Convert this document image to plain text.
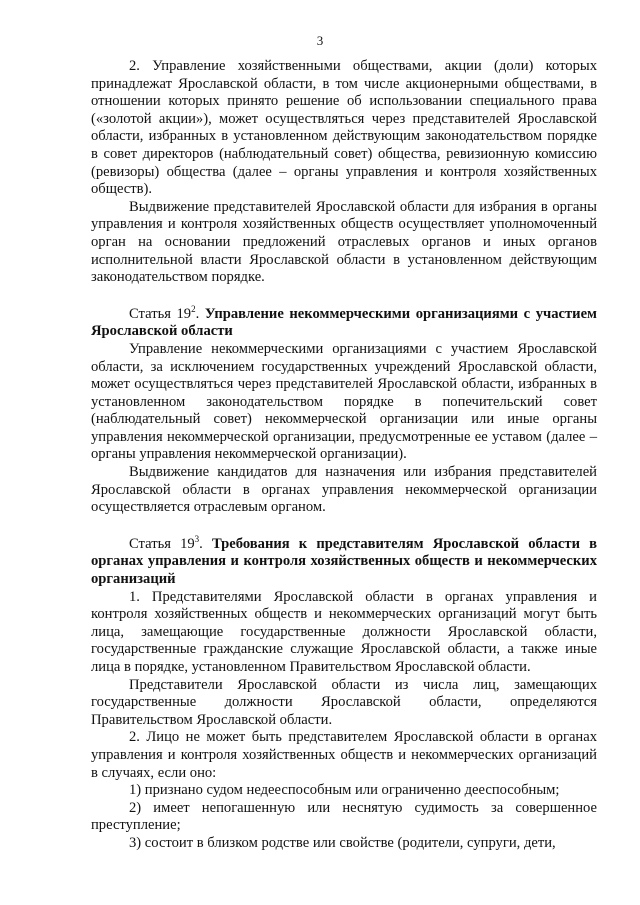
3

2. Управление хозяйственными обществами, акции (доли) которых принадлежат Ярославской области, в том числе акционерными обществами, в отношении которых принято решение об использовании специального права («золотой акции»), может осуществляться через представителей Ярославской области, избранных в установленном действующим законодательством порядке в совет директоров (наблюдательный совет) общества, ревизионную комиссию (ревизоры) общества (далее – органы управления и контроля хозяйственных обществ).

Выдвижение представителей Ярославской области для избрания в органы управления и контроля хозяйственных обществ осуществляет уполномоченный орган на основании предложений отраслевых органов и иных органов исполнительной власти Ярославской области в установленном действующим законодательством порядке.

Статья $19^2$. Управление некоммерческими организациями с участием Ярославской области

Управление некоммерческими организациями с участием Ярославской области, за исключением государственных учреждений Ярославской области, может осуществляться через представителей Ярославской области, избранных в установленном законодательством порядке в попечительский совет (наблюдательный совет) некоммерческой организации или иные органы управления некоммерческой организации, предусмотренные ее уставом (далее – органы управления некоммерческой организации).

Выдвижение кандидатов для назначения или избрания представителей Ярославской области в органах управления некоммерческой организации осуществляется отраслевым органом.

Статья $19^3$. Требования к представителям Ярославской области в органах управления и контроля хозяйственных обществ и некоммерческих организаций

1. Представителями Ярославской области в органах управления и контроля хозяйственных обществ и некоммерческих организаций могут быть лица, замещающие государственные должности Ярославской области, государственные гражданские служащие Ярославской области, а также иные лица в порядке, установленном Правительством Ярославской области.

Представители Ярославской области из числа лиц, замещающих государственные должности Ярославской области, определяются Правительством Ярославской области.

2. Лицо не может быть представителем Ярославской области в органах управления и контроля хозяйственных обществ и некоммерческих организаций в случаях, если оно:

1) признано судом недееспособным или ограниченно дееспособным;

2) имеет непогашенную или неснятую судимость за совершенное преступление;

3) состоит в близком родстве или свойстве (родители, супруги, дети,
